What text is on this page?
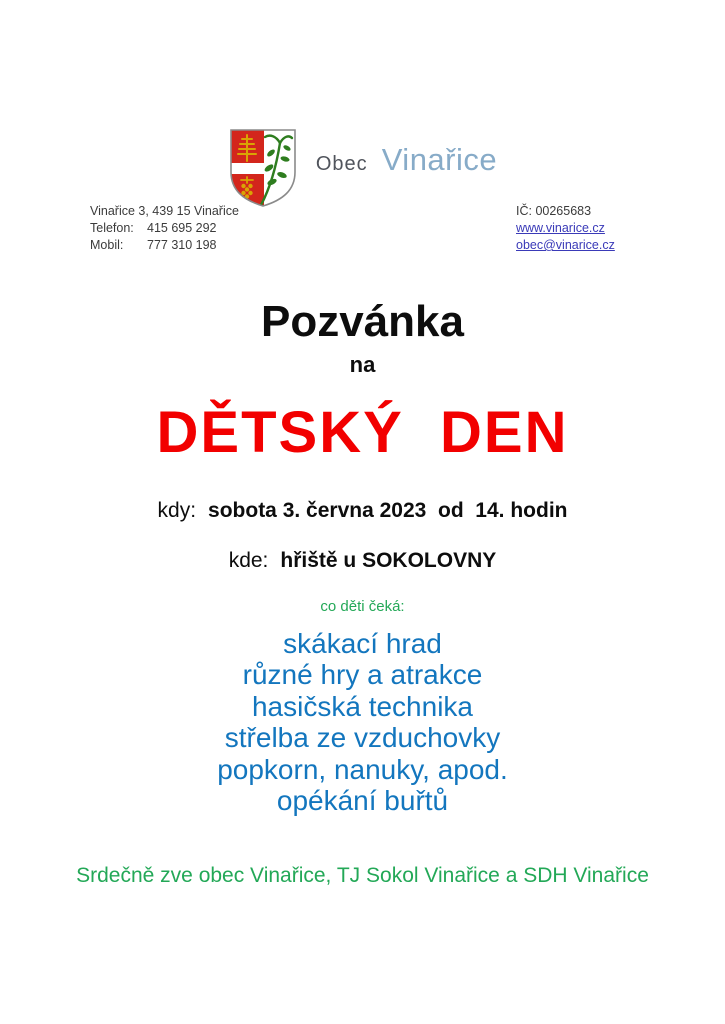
Obec Vinařice
Vinařice 3, 439 15 Vinařice
Telefon: 415 695 292
Mobil: 777 310 198
IČ: 00265683
www.vinarice.cz
obec@vinarice.cz
Pozvánka
na
DĚTSKÝ  DEN
kdy: sobota 3. června 2023  od  14. hodin
kde: hřiště u SOKOLOVNY
co děti čeká:
skákací hrad
různé hry a atrakce
hasičská technika
střelba ze vzduchovky
popkorn, nanuky, apod.
opékání buřtů
Srdečně zve obec Vinařice, TJ Sokol Vinařice a SDH Vinařice
